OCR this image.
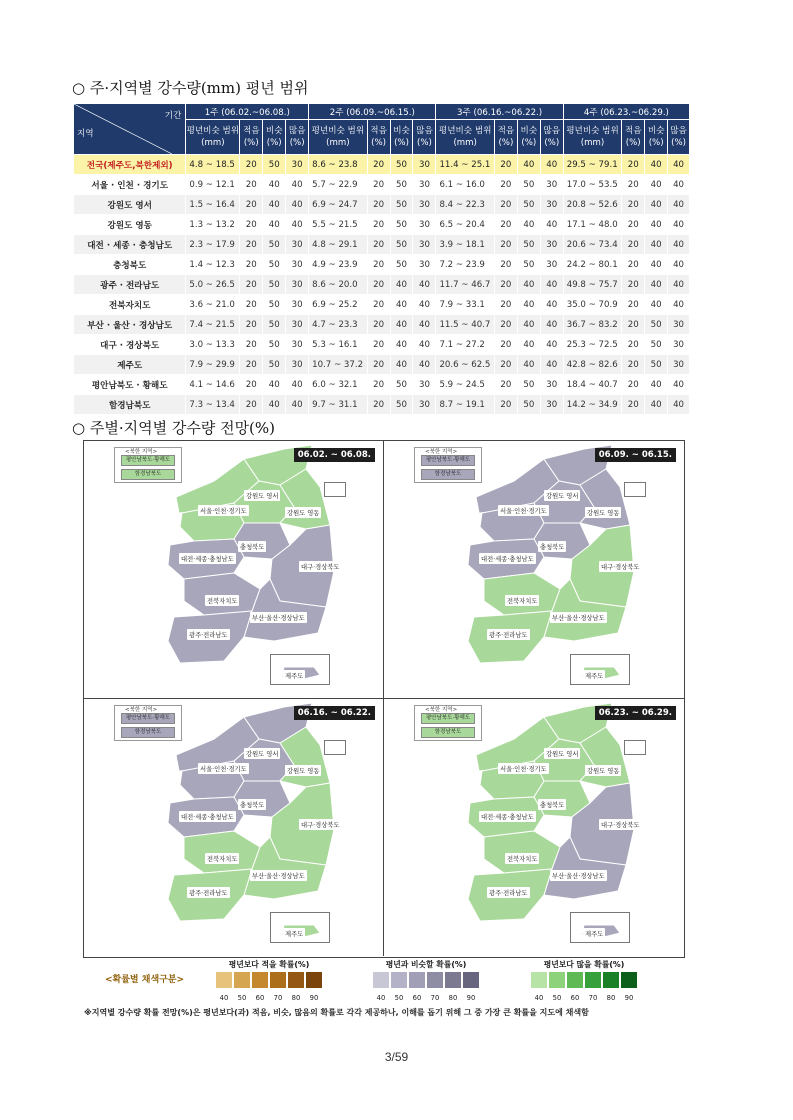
○ 주·지역별 강수량(mm) 평년 범위
기간
지역	1주 (06.02.~06.08.)				2주 (06.09.~06.15.)				3주 (06.16.~06.22.)				4주 (06.23.~06.29.)			
	평년비슷 범위(mm)	적음 (%)	비슷 (%)	많음 (%)	평년비슷 범위(mm)	적음 (%)	비슷 (%)	많음 (%)	평년비슷 범위(mm)	적음 (%)	비슷 (%)	많음 (%)	평년비슷 범위(mm)	적음 (%)	비슷 (%)	많음 (%)
전국(제주도,북한제외)	4.8 ~ 18.5	20	50	30	8.6 ~ 23.8	20	50	30	11.4 ~ 25.1	20	40	40	29.5 ~ 79.1	20	40	40
서울 · 인천 · 경기도	0.9 ~ 12.1	20	40	40	5.7 ~ 22.9	20	50	30	6.1 ~ 16.0	20	50	30	17.0 ~ 53.5	20	40	40
강원도 영서	1.5 ~ 16.4	20	40	40	6.9 ~ 24.7	20	50	30	8.4 ~ 22.3	20	50	30	20.8 ~ 52.6	20	40	40
강원도 영동	1.3 ~ 13.2	20	40	40	5.5 ~ 21.5	20	50	30	6.5 ~ 20.4	20	40	40	17.1 ~ 48.0	20	40	40
대전 · 세종 · 충청남도	2.3 ~ 17.9	20	50	30	4.8 ~ 29.1	20	50	30	3.9 ~ 18.1	20	50	30	20.6 ~ 73.4	20	40	40
충청북도	1.4 ~ 12.3	20	50	30	4.9 ~ 23.9	20	50	30	7.2 ~ 23.9	20	50	30	24.2 ~ 80.1	20	40	40
광주 · 전라남도	5.0 ~ 26.5	20	50	30	8.6 ~ 20.0	20	40	40	11.7 ~ 46.7	20	40	40	49.8 ~ 75.7	20	40	40
전북자치도	3.6 ~ 21.0	20	50	30	6.9 ~ 25.2	20	40	40	7.9 ~ 33.1	20	40	40	35.0 ~ 70.9	20	40	40
부산 · 울산 · 경상남도	7.4 ~ 21.5	20	50	30	4.7 ~ 23.3	20	40	40	11.5 ~ 40.7	20	40	40	36.7 ~ 83.2	20	50	30
대구 · 경상북도	3.0 ~ 13.3	20	50	30	5.3 ~ 16.1	20	40	40	7.1 ~ 27.2	20	40	40	25.3 ~ 72.5	20	50	30
제주도	7.9 ~ 29.9	20	50	30	10.7 ~ 37.2	20	40	40	20.6 ~ 62.5	20	40	40	42.8 ~ 82.6	20	50	30
평안남북도 · 황해도	4.1 ~ 14.6	20	40	40	6.0 ~ 32.1	20	50	30	5.9 ~ 24.5	20	50	30	18.4 ~ 40.7	20	40	40
함경남북도	7.3 ~ 13.4	20	40	40	9.7 ~ 31.1	20	50	30	8.7 ~ 19.1	20	50	30	14.2 ~ 34.9	20	40	40
○ 주별·지역별 강수량 전망(%)
06.02. ~ 06.08.
<북한 지역>
평안남북도·황해도
함경남북도
강원도 영서
서울·인천·경기도	강원도 영동
충청북도
대전·세종·충청남도
대구·경상북도
전북자치도
부산·울산·경상남도
광주·전라남도
제주도
06.09. ~ 06.15.
<북한 지역>
평안남북도·황해도
함경남북도
강원도 영서
서울·인천·경기도	강원도 영동
충청북도
대전·세종·충청남도
대구·경상북도
전북자치도
부산·울산·경상남도
광주·전라남도
제주도
06.16. ~ 06.22.
<북한 지역>
평안남북도·황해도
함경남북도
강원도 영서
서울·인천·경기도	강원도 영동
충청북도
대전·세종·충청남도
대구·경상북도
전북자치도
부산·울산·경상남도
광주·전라남도
제주도
06.23. ~ 06.29.
<북한 지역>
평안남북도·황해도
함경남북도
강원도 영서
서울·인천·경기도	강원도 영동
충청북도
대전·세종·충청남도
대구·경상북도
전북자치도
부산·울산·경상남도
광주·전라남도
제주도
<확률별 채색구분>
평년보다 적을 확률(%)
40	50	60	70	80	90
평년과 비슷할 확률(%)
40	50	60	70	80	90
평년보다 많을 확률(%)
40	50	60	70	80	90
※지역별 강수량 확률 전망(%)은 평년보다(과) 적음, 비슷, 많음의 확률로 각각 제공하나, 이해를 돕기 위해 그 중 가장 큰 확률을 지도에 채색함
3/59
